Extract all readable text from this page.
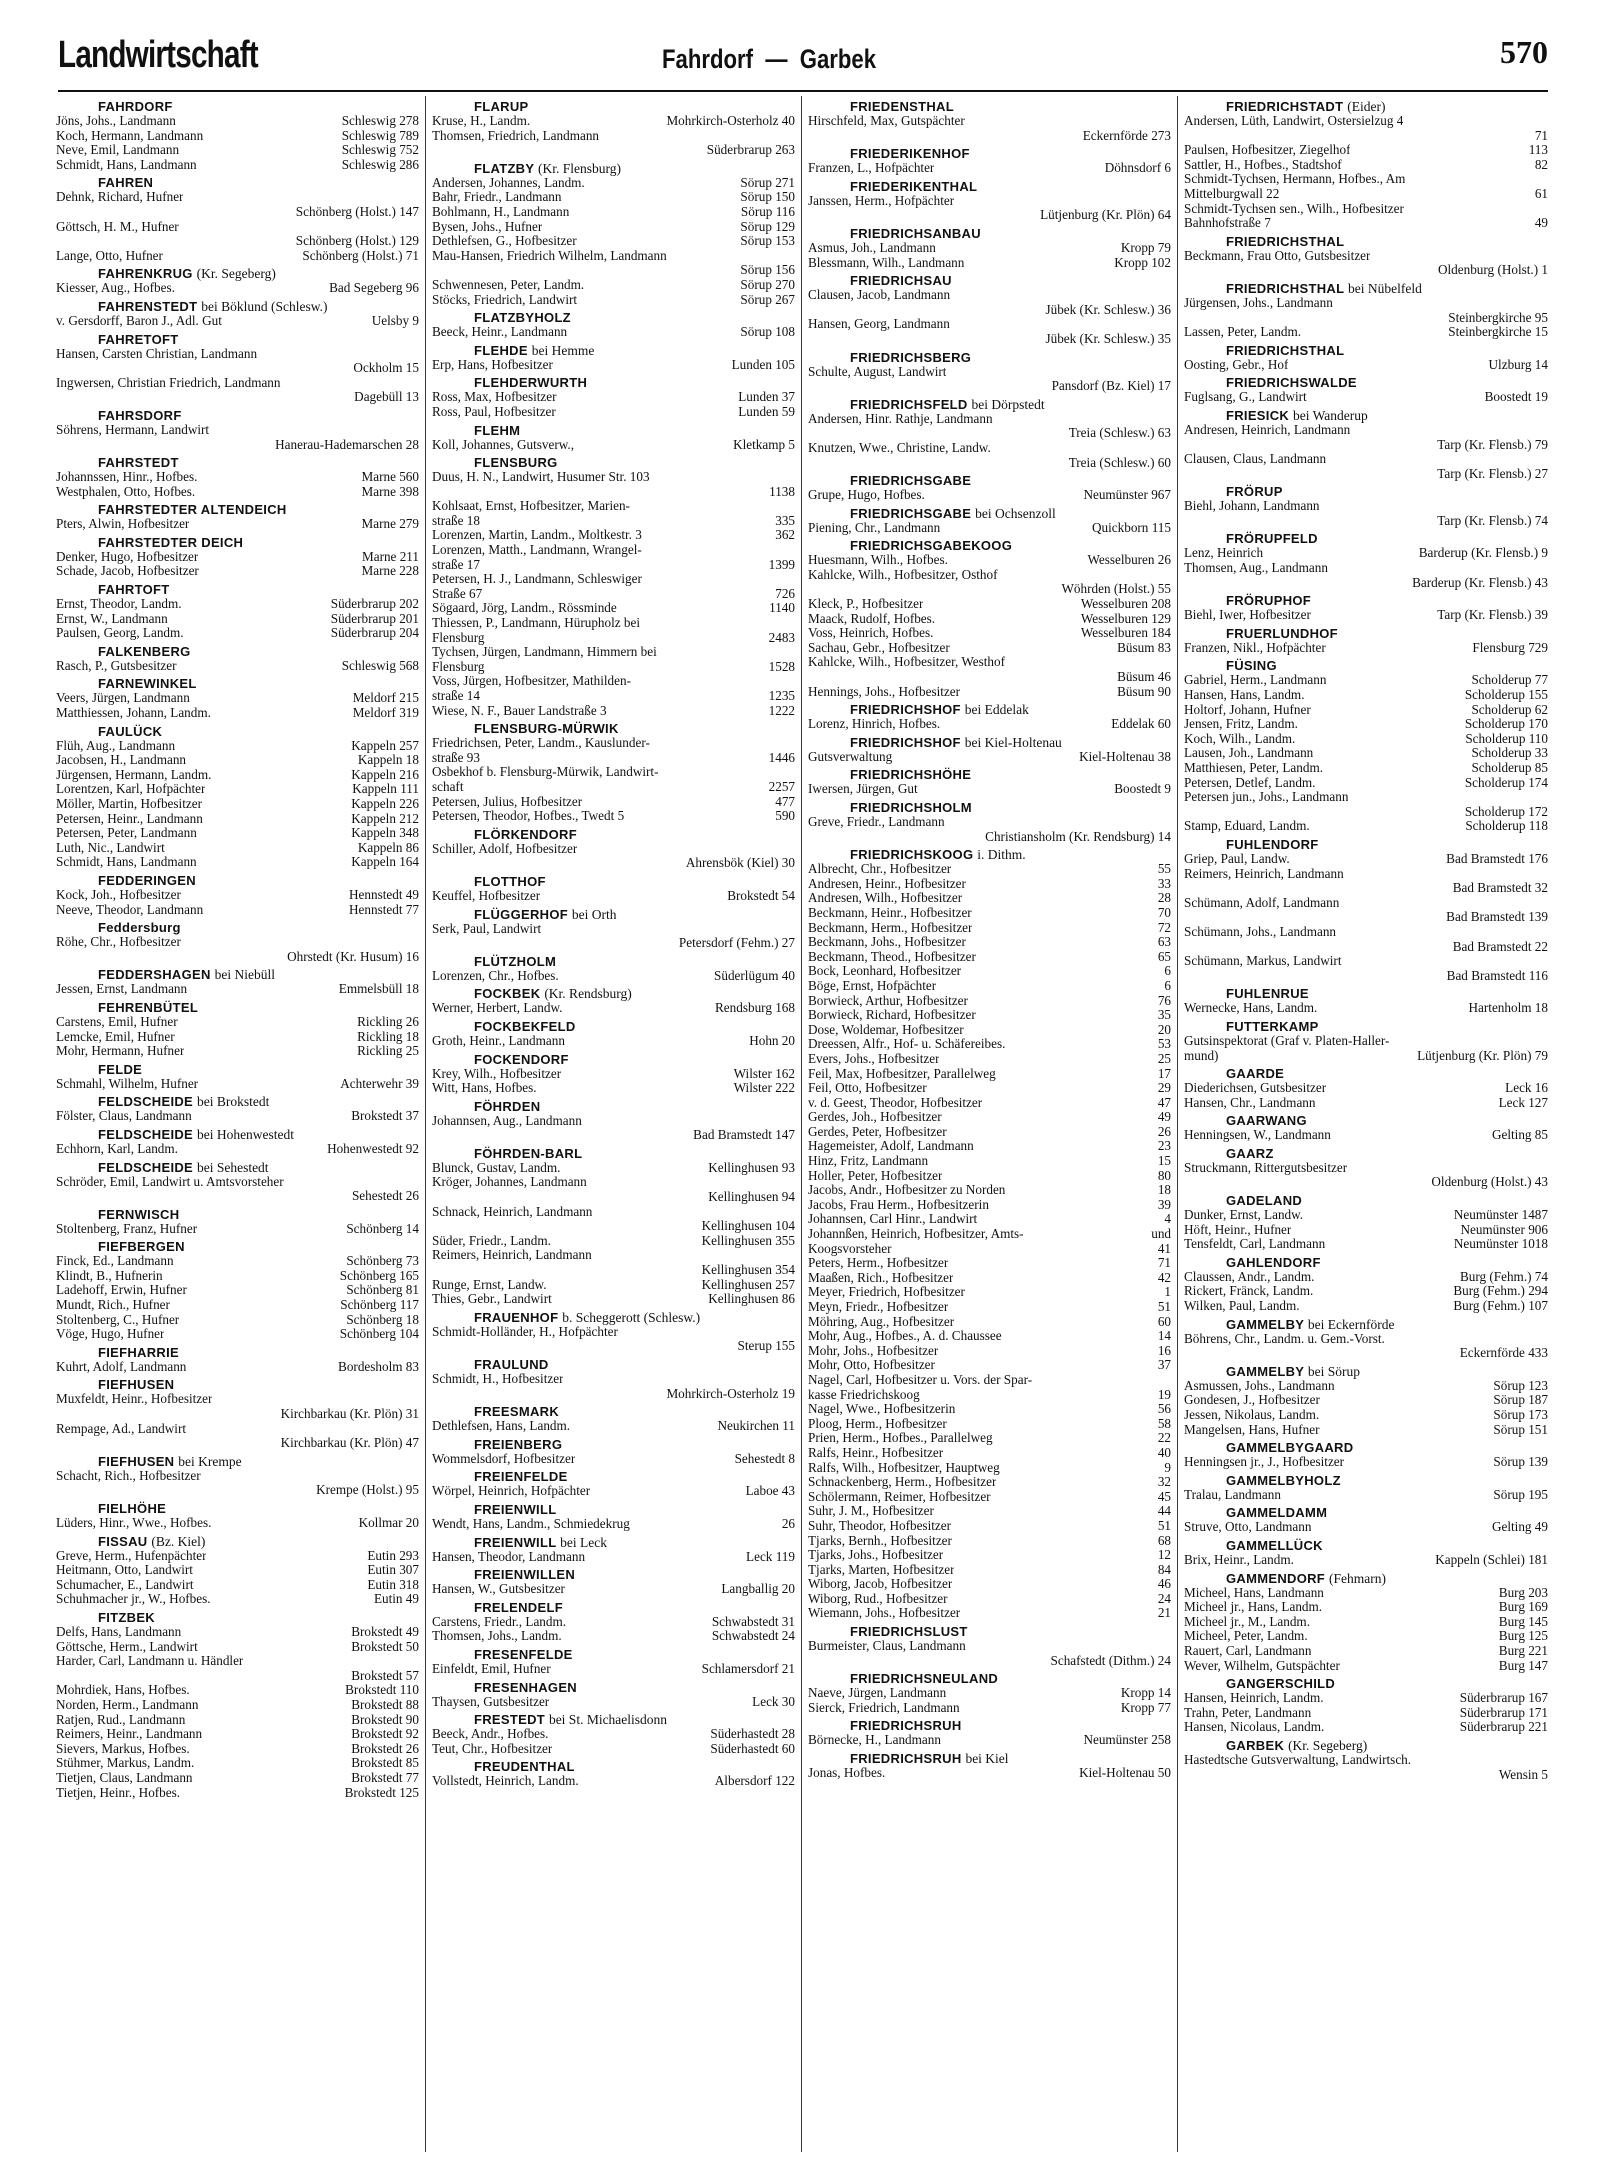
Landwirtschaft	Fahrdorf  —  Garbek	570
FAHRDORF
Jöns, Johs., Landmann	Schleswig 278
Koch, Hermann, Landmann	Schleswig 789
Neve, Emil, Landmann	Schleswig 752
Schmidt, Hans, Landmann	Schleswig 286
FAHREN
Dehnk, Richard, Hufner
Schönberg (Holst.) 147
Göttsch, H. M., Hufner
Schönberg (Holst.) 129
Lange, Otto, Hufner	Schönberg (Holst.) 71
FAHRENKRUG (Kr. Segeberg)
Kiesser, Aug., Hofbes.	Bad Segeberg 96
FAHRENSTEDT bei Böklund (Schlesw.)
v. Gersdorff, Baron J., Adl. Gut	Uelsby 9
FAHRETOFT
Hansen, Carsten Christian, Landmann
Ockholm 15
Ingwersen, Christian Friedrich, Landmann
Dagebüll 13
FAHRSDORF
Söhrens, Hermann, Landwirt
Hanerau-Hademarschen 28
FAHRSTEDT
Johannssen, Hinr., Hofbes.	Marne 560
Westphalen, Otto, Hofbes.	Marne 398
FAHRSTEDTER ALTENDEICH
Pters, Alwin, Hofbesitzer	Marne 279
FAHRSTEDTER DEICH
Denker, Hugo, Hofbesitzer	Marne 211
Schade, Jacob, Hofbesitzer	Marne 228
FAHRTOFT
Ernst, Theodor, Landm.	Süderbrarup 202
Ernst, W., Landmann	Süderbrarup 201
Paulsen, Georg, Landm.	Süderbrarup 204
FALKENBERG
Rasch, P., Gutsbesitzer	Schleswig 568
FARNEWINKEL
Veers, Jürgen, Landmann	Meldorf 215
Matthiessen, Johann, Landm.	Meldorf 319
FAULÜCK
Flüh, Aug., Landmann	Kappeln 257
Jacobsen, H., Landmann	Kappeln 18
Jürgensen, Hermann, Landm.	Kappeln 216
Lorentzen, Karl, Hofpächter	Kappeln 111
Möller, Martin, Hofbesitzer	Kappeln 226
Petersen, Heinr., Landmann	Kappeln 212
Petersen, Peter, Landmann	Kappeln 348
Luth, Nic., Landwirt	Kappeln 86
Schmidt, Hans, Landmann	Kappeln 164
FEDDERINGEN
Kock, Joh., Hofbesitzer	Hennstedt 49
Neeve, Theodor, Landmann	Hennstedt 77
Feddersburg
Röhe, Chr., Hofbesitzer
Ohrstedt (Kr. Husum) 16
FEDDERSHAGEN bei Niebüll
Jessen, Ernst, Landmann	Emmelsbüll 18
FEHRENBÜTEL
Carstens, Emil, Hufner	Rickling 26
Lemcke, Emil, Hufner	Rickling 18
Mohr, Hermann, Hufner	Rickling 25
FELDE
Schmahl, Wilhelm, Hufner	Achterwehr 39
FELDSCHEIDE bei Brokstedt
Fölster, Claus, Landmann	Brokstedt 37
FELDSCHEIDE bei Hohenwestedt
Echhorn, Karl, Landm.	Hohenwestedt 92
FELDSCHEIDE bei Sehestedt
Schröder, Emil, Landwirt u. Amtsvorsteher
Sehestedt 26
FERNWISCH
Stoltenberg, Franz, Hufner	Schönberg 14
FIEFBERGEN
Finck, Ed., Landmann	Schönberg 73
Klindt, B., Hufnerin	Schönberg 165
Ladehoff, Erwin, Hufner	Schönberg 81
Mundt, Rich., Hufner	Schönberg 117
Stoltenberg, C., Hufner	Schönberg 18
Vöge, Hugo, Hufner	Schönberg 104
FIEFHARRIE
Kuhrt, Adolf, Landmann	Bordesholm 83
FIEFHUSEN
Muxfeldt, Heinr., Hofbesitzer
Kirchbarkau (Kr. Plön) 31
Rempage, Ad., Landwirt
Kirchbarkau (Kr. Plön) 47
FIEFHUSEN bei Krempe
Schacht, Rich., Hofbesitzer
Krempe (Holst.) 95
FIELHÖHE
Lüders, Hinr., Wwe., Hofbes.	Kollmar 20
FISSAU (Bz. Kiel)
Greve, Herm., Hufenpächter	Eutin 293
Heitmann, Otto, Landwirt	Eutin 307
Schumacher, E., Landwirt	Eutin 318
Schuhmacher jr., W., Hofbes.	Eutin 49
FITZBEK
Delfs, Hans, Landmann	Brokstedt 49
Göttsche, Herm., Landwirt	Brokstedt 50
Harder, Carl, Landmann u. Händler
Brokstedt 57
Mohrdiek, Hans, Hofbes.	Brokstedt 110
Norden, Herm., Landmann	Brokstedt 88
Ratjen, Rud., Landmann	Brokstedt 90
Reimers, Heinr., Landmann	Brokstedt 92
Sievers, Markus, Hofbes.	Brokstedt 26
Stühmer, Markus, Landm.	Brokstedt 85
Tietjen, Claus, Landmann	Brokstedt 77
Tietjen, Heinr., Hofbes.	Brokstedt 125
FLARUP
Kruse, H., Landm.	Mohrkirch-Osterholz 40
Thomsen, Friedrich, Landmann
Süderbrarup 263
FLATZBY (Kr. Flensburg)
Andersen, Johannes, Landm.	Sörup 271
Bahr, Friedr., Landmann	Sörup 150
Bohlmann, H., Landmann	Sörup 116
Bysen, Johs., Hufner	Sörup 129
Dethlefsen, G., Hofbesitzer	Sörup 153
Mau-Hansen, Friedrich Wilhelm, Landmann
Sörup 156
Schwennesen, Peter, Landm.	Sörup 270
Stöcks, Friedrich, Landwirt	Sörup 267
FLATZBYHOLZ
Beeck, Heinr., Landmann	Sörup 108
FLEHDE bei Hemme
Erp, Hans, Hofbesitzer	Lunden 105
FLEHDERWURTH
Ross, Max, Hofbesitzer	Lunden 37
Ross, Paul, Hofbesitzer	Lunden 59
FLEHM
Koll, Johannes, Gutsverw.,	Kletkamp 5
FLENSBURG
Duus, H. N., Landwirt, Husumer Str. 103
1138
Kohlsaat, Ernst, Hofbesitzer, Marien-
straße 18	335
Lorenzen, Martin, Landm., Moltkestr. 3	362
Lorenzen, Matth., Landmann, Wrangel-
straße 17	1399
Petersen, H. J., Landmann, Schleswiger
Straße 67	726
Sögaard, Jörg, Landm., Rössminde	1140
Thiessen, P., Landmann, Hürupholz bei
Flensburg	2483
Tychsen, Jürgen, Landmann, Himmern bei
Flensburg	1528
Voss, Jürgen, Hofbesitzer, Mathilden-
straße 14	1235
Wiese, N. F., Bauer Landstraße 3	1222
FLENSBURG-MÜRWIK
Friedrichsen, Peter, Landm., Kauslunder-
straße 93	1446
Osbekhof b. Flensburg-Mürwik, Landwirt-
schaft	2257
Petersen, Julius, Hofbesitzer	477
Petersen, Theodor, Hofbes., Twedt 5	590
FLÖRKENDORF
Schiller, Adolf, Hofbesitzer
Ahrensbök (Kiel) 30
FLOTTHOF
Keuffel, Hofbesitzer	Brokstedt 54
FLÜGGERHOF bei Orth
Serk, Paul, Landwirt
Petersdorf (Fehm.) 27
FLÜTZHOLM
Lorenzen, Chr., Hofbes.	Süderlügum 40
FOCKBEK (Kr. Rendsburg)
Werner, Herbert, Landw.	Rendsburg 168
FOCKBEKFELD
Groth, Heinr., Landmann	Hohn 20
FOCKENDORF
Krey, Wilh., Hofbesitzer	Wilster 162
Witt, Hans, Hofbes.	Wilster 222
FÖHRDEN
Johannsen, Aug., Landmann
Bad Bramstedt 147
FÖHRDEN-BARL
Blunck, Gustav, Landm.	Kellinghusen 93
Kröger, Johannes, Landmann
Kellinghusen 94
Schnack, Heinrich, Landmann
Kellinghusen 104
Süder, Friedr., Landm.	Kellinghusen 355
Reimers, Heinrich, Landmann
Kellinghusen 354
Runge, Ernst, Landw.	Kellinghusen 257
Thies, Gebr., Landwirt	Kellinghusen 86
FRAUENHOF b. Scheggerott (Schlesw.)
Schmidt-Holländer, H., Hofpächter
Sterup 155
FRAULUND
Schmidt, H., Hofbesitzer
Mohrkirch-Osterholz 19
FREESMARK
Dethlefsen, Hans, Landm.	Neukirchen 11
FREIENBERG
Wommelsdorf, Hofbesitzer	Sehestedt 8
FREIENFELDE
Wörpel, Heinrich, Hofpächter	Laboe 43
FREIENWILL
Wendt, Hans, Landm., Schmiedekrug	26
FREIENWILL bei Leck
Hansen, Theodor, Landmann	Leck 119
FREIENWILLEN
Hansen, W., Gutsbesitzer	Langballig 20
FRELENDELF
Carstens, Friedr., Landm.	Schwabstedt 31
Thomsen, Johs., Landm.	Schwabstedt 24
FRESENFELDE
Einfeldt, Emil, Hufner	Schlamersdorf 21
FRESENHAGEN
Thaysen, Gutsbesitzer	Leck 30
FRESTEDT bei St. Michaelisdonn
Beeck, Andr., Hofbes.	Süderhastedt 28
Teut, Chr., Hofbesitzer	Süderhastedt 60
FREUDENTHAL
Vollstedt, Heinrich, Landm.	Albersdorf 122
FRIEDENSTHAL
Hirschfeld, Max, Gutspächter
Eckernförde 273
FRIEDERIKENHOF
Franzen, L., Hofpächter	Döhnsdorf 6
FRIEDERIKENTHAL
Janssen, Herm., Hofpächter
Lütjenburg (Kr. Plön) 64
FRIEDRICHSANBAU
Asmus, Joh., Landmann	Kropp 79
Blessmann, Wilh., Landmann	Kropp 102
FRIEDRICHSAU
Clausen, Jacob, Landmann
Jübek (Kr. Schlesw.) 36
Hansen, Georg, Landmann
Jübek (Kr. Schlesw.) 35
FRIEDRICHSBERG
Schulte, August, Landwirt
Pansdorf (Bz. Kiel) 17
FRIEDRICHSFELD bei Dörpstedt
Andersen, Hinr. Rathje, Landmann
Treia (Schlesw.) 63
Knutzen, Wwe., Christine, Landw.
Treia (Schlesw.) 60
FRIEDRICHSGABE
Grupe, Hugo, Hofbes.	Neumünster 967
FRIEDRICHSGABE bei Ochsenzoll
Piening, Chr., Landmann	Quickborn 115
FRIEDRICHSGABEKOOG
Huesmann, Wilh., Hofbes.	Wesselburen 26
Kahlcke, Wilh., Hofbesitzer, Osthof
Wöhrden (Holst.) 55
Kleck, P., Hofbesitzer	Wesselburen 208
Maack, Rudolf, Hofbes.	Wesselburen 129
Voss, Heinrich, Hofbes.	Wesselburen 184
Sachau, Gebr., Hofbesitzer	Büsum 83
Kahlcke, Wilh., Hofbesitzer, Westhof
Büsum 46
Hennings, Johs., Hofbesitzer	Büsum 90
FRIEDRICHSHOF bei Eddelak
Lorenz, Hinrich, Hofbes.	Eddelak 60
FRIEDRICHSHOF bei Kiel-Holtenau
Gutsverwaltung	Kiel-Holtenau 38
FRIEDRICHSHÖHE
Iwersen, Jürgen, Gut	Boostedt 9
FRIEDRICHSHOLM
Greve, Friedr., Landmann
Christiansholm (Kr. Rendsburg) 14
FRIEDRICHSKOOG i. Dithm.
Albrecht, Chr., Hofbesitzer	55
Andresen, Heinr., Hofbesitzer	33
Andresen, Wilh., Hofbesitzer	28
Beckmann, Heinr., Hofbesitzer	70
Beckmann, Herm., Hofbesitzer	72
Beckmann, Johs., Hofbesitzer	63
Beckmann, Theod., Hofbesitzer	65
Bock, Leonhard, Hofbesitzer	6
Böge, Ernst, Hofpächter	6
Borwieck, Arthur, Hofbesitzer	76
Borwieck, Richard, Hofbesitzer	35
Dose, Woldemar, Hofbesitzer	20
Dreessen, Alfr., Hof- u. Schäfereibes.	53
Evers, Johs., Hofbesitzer	25
Feil, Max, Hofbesitzer, Parallelweg	17
Feil, Otto, Hofbesitzer	29
v. d. Geest, Theodor, Hofbesitzer	47
Gerdes, Joh., Hofbesitzer	49
Gerdes, Peter, Hofbesitzer	26
Hagemeister, Adolf, Landmann	23
Hinz, Fritz, Landmann	15
Holler, Peter, Hofbesitzer	80
Jacobs, Andr., Hofbesitzer zu Norden	18
Jacobs, Frau Herm., Hofbesitzerin	39
Johannsen, Carl Hinr., Landwirt	4
Johannßen, Heinrich, Hofbesitzer, Amts-	und
Koogsvorsteher	41
Peters, Herm., Hofbesitzer	71
Maaßen, Rich., Hofbesitzer	42
Meyer, Friedrich, Hofbesitzer	1
Meyn, Friedr., Hofbesitzer	51
Möhring, Aug., Hofbesitzer	60
Mohr, Aug., Hofbes., A. d. Chaussee	14
Mohr, Johs., Hofbesitzer	16
Mohr, Otto, Hofbesitzer	37
Nagel, Carl, Hofbesitzer u. Vors. der Spar-
kasse Friedrichskoog	19
Nagel, Wwe., Hofbesitzerin	56
Ploog, Herm., Hofbesitzer	58
Prien, Herm., Hofbes., Parallelweg	22
Ralfs, Heinr., Hofbesitzer	40
Ralfs, Wilh., Hofbesitzer, Hauptweg	9
Schnackenberg, Herm., Hofbesitzer	32
Schölermann, Reimer, Hofbesitzer	45
Suhr, J. M., Hofbesitzer	44
Suhr, Theodor, Hofbesitzer	51
Tjarks, Bernh., Hofbesitzer	68
Tjarks, Johs., Hofbesitzer	12
Tjarks, Marten, Hofbesitzer	84
Wiborg, Jacob, Hofbesitzer	46
Wiborg, Rud., Hofbesitzer	24
Wiemann, Johs., Hofbesitzer	21
FRIEDRICHSLUST
Burmeister, Claus, Landmann
Schafstedt (Dithm.) 24
FRIEDRICHSNEULAND
Naeve, Jürgen, Landmann	Kropp 14
Sierck, Friedrich, Landmann	Kropp 77
FRIEDRICHSRUH
Börnecke, H., Landmann	Neumünster 258
FRIEDRICHSRUH bei Kiel
Jonas, Hofbes.	Kiel-Holtenau 50
FRIEDRICHSTADT (Eider)
Andersen, Lüth, Landwirt, Ostersielzug 4
71
Paulsen, Hofbesitzer, Ziegelhof	113
Sattler, H., Hofbes., Stadtshof	82
Schmidt-Tychsen, Hermann, Hofbes., Am
Mittelburgwall 22	61
Schmidt-Tychsen sen., Wilh., Hofbesitzer
Bahnhofstraße 7	49
FRIEDRICHSTHAL
Beckmann, Frau Otto, Gutsbesitzer
Oldenburg (Holst.) 1
FRIEDRICHSTHAL bei Nübelfeld
Jürgensen, Johs., Landmann
Steinbergkirche 95
Lassen, Peter, Landm.	Steinbergkirche 15
FRIEDRICHSTHAL
Oosting, Gebr., Hof	Ulzburg 14
FRIEDRICHSWALDE
Fuglsang, G., Landwirt	Boostedt 19
FRIESICK bei Wanderup
Andresen, Heinrich, Landmann
Tarp (Kr. Flensb.) 79
Clausen, Claus, Landmann
Tarp (Kr. Flensb.) 27
FRÖRUP
Biehl, Johann, Landmann
Tarp (Kr. Flensb.) 74
FRÖRUPFELD
Lenz, Heinrich	Barderup (Kr. Flensb.) 9
Thomsen, Aug., Landmann
Barderup (Kr. Flensb.) 43
FRÖRUPHOF
Biehl, Iwer, Hofbesitzer	Tarp (Kr. Flensb.) 39
FRUERLUNDHOF
Franzen, Nikl., Hofpächter	Flensburg 729
FÜSING
Gabriel, Herm., Landmann	Scholderup 77
Hansen, Hans, Landm.	Scholderup 155
Holtorf, Johann, Hufner	Scholderup 62
Jensen, Fritz, Landm.	Scholderup 170
Koch, Wilh., Landm.	Scholderup 110
Lausen, Joh., Landmann	Scholderup 33
Matthiesen, Peter, Landm.	Scholderup 85
Petersen, Detlef, Landm.	Scholderup 174
Petersen jun., Johs., Landmann
Scholderup 172
Stamp, Eduard, Landm.	Scholderup 118
FUHLENDORF
Griep, Paul, Landw.	Bad Bramstedt 176
Reimers, Heinrich, Landmann
Bad Bramstedt 32
Schümann, Adolf, Landmann
Bad Bramstedt 139
Schümann, Johs., Landmann
Bad Bramstedt 22
Schümann, Markus, Landwirt
Bad Bramstedt 116
FUHLENRUE
Wernecke, Hans, Landm.	Hartenholm 18
FUTTERKAMP
Gutsinspektorat (Graf v. Platen-Haller-
mund)	Lütjenburg (Kr. Plön) 79
GAARDE
Diederichsen, Gutsbesitzer	Leck 16
Hansen, Chr., Landmann	Leck 127
GAARWANG
Henningsen, W., Landmann	Gelting 85
GAARZ
Struckmann, Rittergutsbesitzer
Oldenburg (Holst.) 43
GADELAND
Dunker, Ernst, Landw.	Neumünster 1487
Höft, Heinr., Hufner	Neumünster 906
Tensfeldt, Carl, Landmann	Neumünster 1018
GAHLENDORF
Claussen, Andr., Landm.	Burg (Fehm.) 74
Rickert, Fränck, Landm.	Burg (Fehm.) 294
Wilken, Paul, Landm.	Burg (Fehm.) 107
GAMMELBY bei Eckernförde
Böhrens, Chr., Landm. u. Gem.-Vorst.
Eckernförde 433
GAMMELBY bei Sörup
Asmussen, Johs., Landmann	Sörup 123
Gondesen, J., Hofbesitzer	Sörup 187
Jessen, Nikolaus, Landm.	Sörup 173
Mangelsen, Hans, Hufner	Sörup 151
GAMMELBYGAARD
Henningsen jr., J., Hofbesitzer	Sörup 139
GAMMELBYHOLZ
Tralau, Landmann	Sörup 195
GAMMELDAMM
Struve, Otto, Landmann	Gelting 49
GAMMELLÜCK
Brix, Heinr., Landm.	Kappeln (Schlei) 181
GAMMENDORF (Fehmarn)
Micheel, Hans, Landmann	Burg 203
Micheel jr., Hans, Landm.	Burg 169
Micheel jr., M., Landm.	Burg 145
Micheel, Peter, Landm.	Burg 125
Rauert, Carl, Landmann	Burg 221
Wever, Wilhelm, Gutspächter	Burg 147
GANGERSCHILD
Hansen, Heinrich, Landm.	Süderbrarup 167
Trahn, Peter, Landmann	Süderbrarup 171
Hansen, Nicolaus, Landm.	Süderbrarup 221
GARBEK (Kr. Segeberg)
Hastedtsche Gutsverwaltung, Landwirtsch.
Wensin 5
